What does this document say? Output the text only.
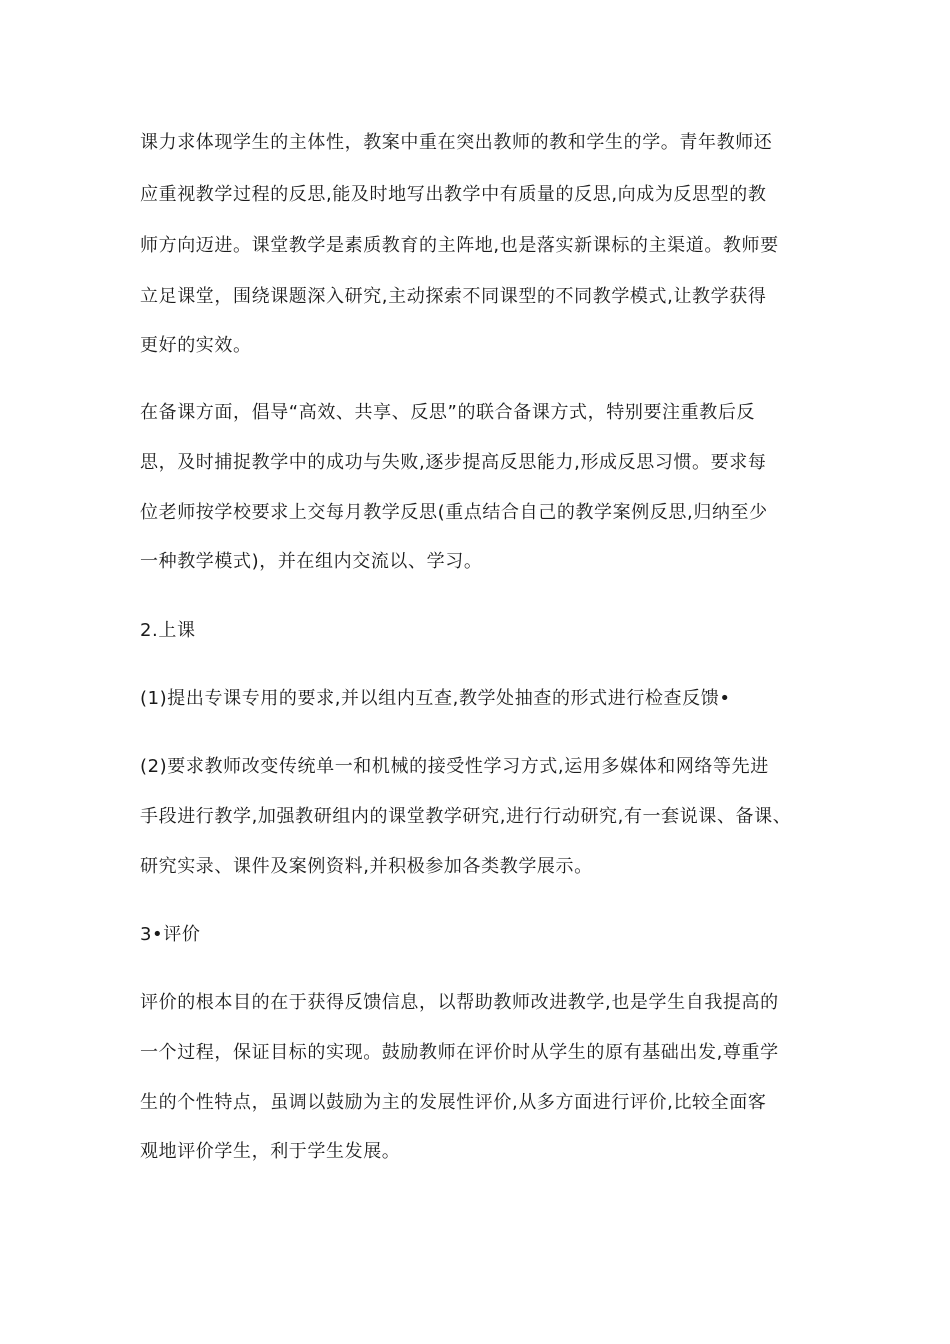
课力求体现学生的主体性，教案中重在突出教师的教和学生的学。青年教师还
应重视教学过程的反思,能及时地写出教学中有质量的反思,向成为反思型的教
师方向迈进。课堂教学是素质教育的主阵地,也是落实新课标的主渠道。教师要
立足课堂，围绕课题深入研究,主动探索不同课型的不同教学模式,让教学获得
更好的实效。
在备课方面，倡导“高效、共享、反思”的联合备课方式，特别要注重教后反
思，及时捕捉教学中的成功与失败,逐步提高反思能力,形成反思习惯。要求每
位老师按学校要求上交每月教学反思(重点结合自己的教学案例反思,归纳至少
一种教学模式)，并在组内交流以、学习。
2.上课
(1)提出专课专用的要求,并以组内互查,教学处抽查的形式进行检查反馈•
(2)要求教师改变传统单一和机械的接受性学习方式,运用多媒体和网络等先进
手段进行教学,加强教研组内的课堂教学研究,进行行动研究,有一套说课、备课、
研究实录、课件及案例资料,并积极参加各类教学展示。
3•评价
评价的根本目的在于获得反馈信息，以帮助教师改进教学,也是学生自我提高的
一个过程，保证目标的实现。鼓励教师在评价时从学生的原有基础出发,尊重学
生的个性特点，虽调以鼓励为主的发展性评价,从多方面进行评价,比较全面客
观地评价学生，利于学生发展。
